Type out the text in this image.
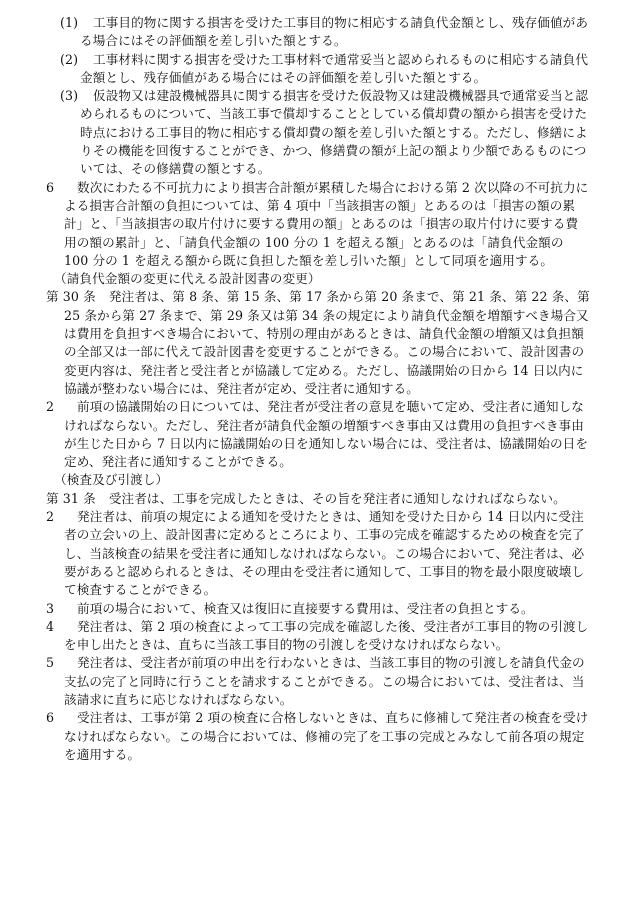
(1) 工事目的物に関する損害を受けた工事目的物に相応する請負代金額とし、残存価値がある場合にはその評価額を差し引いた額とする。

(2) 工事材料に関する損害を受けた工事材料で通常妥当と認められるものに相応する請負代金額とし、残存価値がある場合にはその評価額を差し引いた額とする。

(3) 仮設物又は建設機械器具に関する損害を受けた仮設物又は建設機械器具で通常妥当と認められるものについて、当該工事で償却することとしている償却費の額から損害を受けた時点における工事目的物に相応する償却費の額を差し引いた額とする。ただし、修繕によりその機能を回復することができ、かつ、修繕費の額が上記の額より少額であるものについては、その修繕費の額とする。

6 数次にわたる不可抗力により損害合計額が累積した場合における第 2 次以降の不可抗力による損害合計額の負担については、第 4 項中「当該損害の額」とあるのは「損害の額の累計」と、「当該損害の取片付けに要する費用の額」とあるのは「損害の取片付けに要する費用の額の累計」と、「請負代金額の 100 分の 1 を超える額」とあるのは「請負代金額の 100 分の 1 を超える額から既に負担した額を差し引いた額」として同項を適用する。

（請負代金額の変更に代える設計図書の変更）

第 30 条 発注者は、第 8 条、第 15 条、第 17 条から第 20 条まで、第 21 条、第 22 条、第 25 条から第 27 条まで、第 29 条又は第 34 条の規定により請負代金額を増額すべき場合又は費用を負担すべき場合において、特別の理由があるときは、請負代金額の増額又は負担額の全部又は一部に代えて設計図書を変更することができる。この場合において、設計図書の変更内容は、発注者と受注者とが協議して定める。ただし、協議開始の日から 14 日以内に協議が整わない場合には、発注者が定め、受注者に通知する。

2 前項の協議開始の日については、発注者が受注者の意見を聴いて定め、受注者に通知しなければならない。ただし、発注者が請負代金額の増額すべき事由又は費用の負担すべき事由が生じた日から 7 日以内に協議開始の日を通知しない場合には、受注者は、協議開始の日を定め、発注者に通知することができる。

（検査及び引渡し）

第 31 条 受注者は、工事を完成したときは、その旨を発注者に通知しなければならない。

2 発注者は、前項の規定による通知を受けたときは、通知を受けた日から 14 日以内に受注者の立会いの上、設計図書に定めるところにより、工事の完成を確認するための検査を完了し、当該検査の結果を受注者に通知しなければならない。この場合において、発注者は、必要があると認められるときは、その理由を受注者に通知して、工事目的物を最小限度破壊して検査することができる。

3 前項の場合において、検査又は復旧に直接要する費用は、受注者の負担とする。

4 発注者は、第 2 項の検査によって工事の完成を確認した後、受注者が工事目的物の引渡しを申し出たときは、直ちに当該工事目的物の引渡しを受けなければならない。

5 発注者は、受注者が前項の申出を行わないときは、当該工事目的物の引渡しを請負代金の支払の完了と同時に行うことを請求することができる。この場合においては、受注者は、当該請求に直ちに応じなければならない。

6 受注者は、工事が第 2 項の検査に合格しないときは、直ちに修補して発注者の検査を受けなければならない。この場合においては、修補の完了を工事の完成とみなして前各項の規定を適用する。
